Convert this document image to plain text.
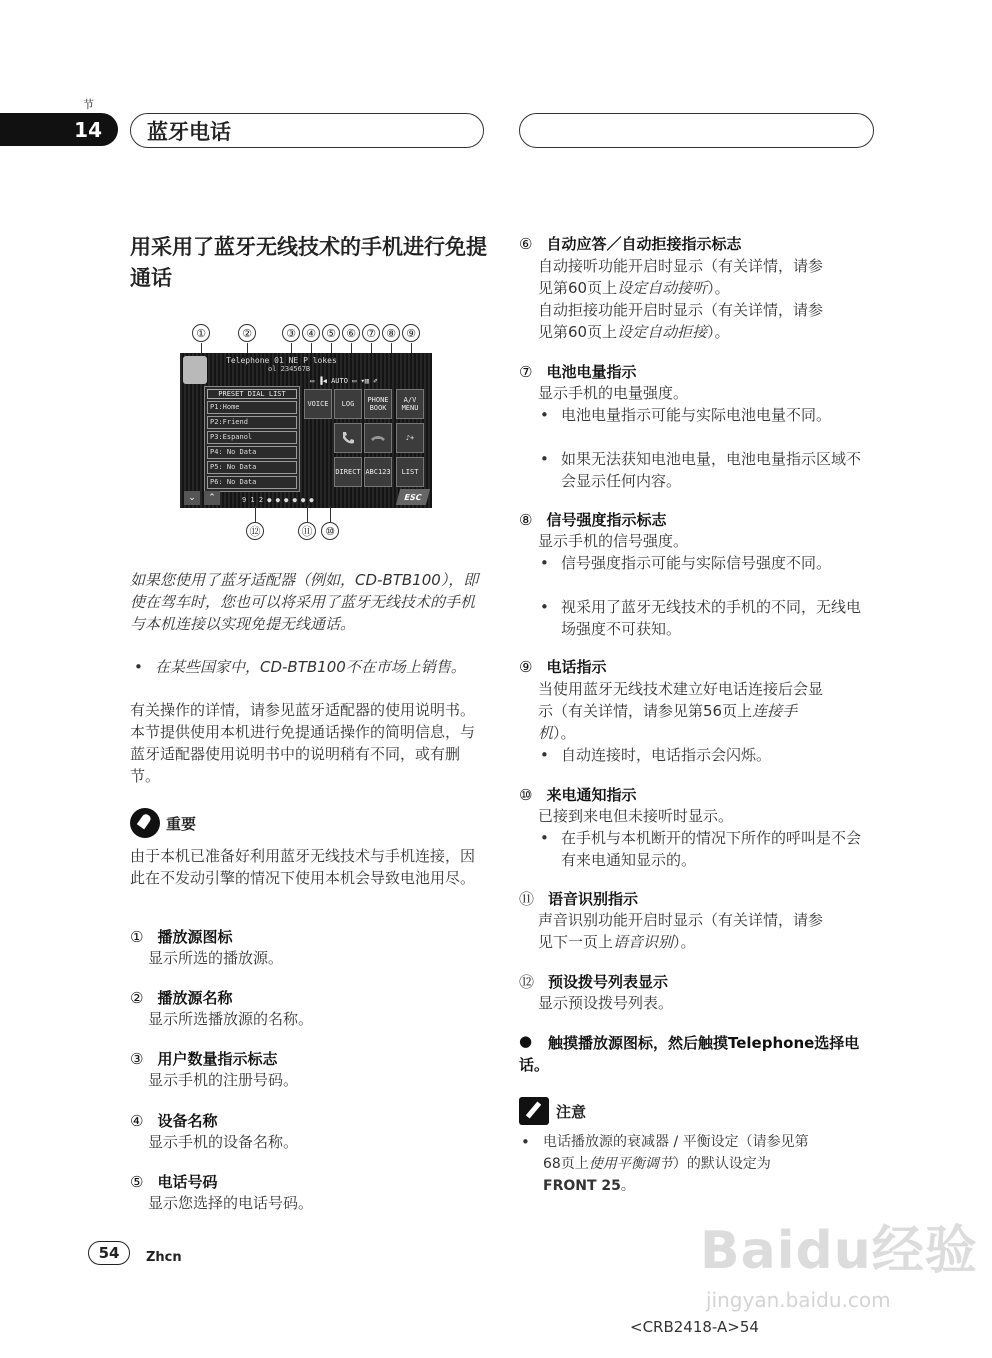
节
14	蓝牙电话
用采用了蓝牙无线技术的手机进行免提通话
①	②	③ ④ ⑤ ⑥ ⑦ ⑧ ⑨
Telephone 01 NE P lokes
ol 234567B
▭ ▐◀ AUTO ▭ ▾▥ ✐
PRESET DIAL LIST
P1:Home
P2:Friend
P3:Espanol
P4: No Data
P5: No Data
P6: No Data
VOICE	LOG	PHONE BOOK
A/V MENU
♪+
DIRECT ABC123	LIST
⌄ ⌃	9 1 2 ● ● ● ● ● ●	ESC
⑫	⑪	⑩
如果您使用了蓝牙适配器（例如，CD-BTB100），即使在驾车时，您也可以将采用了蓝牙无线技术的手机与本机连接以实现免提无线通话。
• 在某些国家中，CD-BTB100不在市场上销售。
有关操作的详情，请参见蓝牙适配器的使用说明书。本节提供使用本机进行免提通话操作的简明信息，与蓝牙适配器使用说明书中的说明稍有不同，或有删节。
重要
由于本机已准备好利用蓝牙无线技术与手机连接，因此在不发动引擎的情况下使用本机会导致电池用尽。
① 播放源图标
显示所选的播放源。
② 播放源名称
显示所选播放源的名称。
③ 用户数量指示标志
显示手机的注册号码。
④ 设备名称
显示手机的设备名称。
⑤ 电话号码
显示您选择的电话号码。
⑥ 自动应答／自动拒接指示标志
自动接听功能开启时显示（有关详情，请参
见第60页上设定自动接听）。
自动拒接功能开启时显示（有关详情，请参
见第60页上设定自动拒接）。
⑦ 电池电量指示
显示手机的电量强度。
• 电池电量指示可能与实际电池电量不同。
• 如果无法获知电池电量，电池电量指示区域不会显示任何内容。
⑧ 信号强度指示标志
显示手机的信号强度。
• 信号强度指示可能与实际信号强度不同。
• 视采用了蓝牙无线技术的手机的不同，无线电场强度不可获知。
⑨ 电话指示
当使用蓝牙无线技术建立好电话连接后会显
示（有关详情，请参见第56页上连接手
机）。
• 自动连接时，电话指示会闪烁。
⑩ 来电通知指示
已接到来电但未接听时显示。
• 在手机与本机断开的情况下所作的呼叫是不会有来电通知显示的。
⑪ 语音识别指示
声音识别功能开启时显示（有关详情，请参
见下一页上语音识别）。
⑫ 预设拨号列表显示
显示预设拨号列表。
●	触摸播放源图标，然后触摸Telephone选择电话。
注意
• 电话播放源的衰减器 / 平衡设定（请参见第
68页上使用平衡调节）的默认设定为
FRONT 25。
54	Zhcn	Baidu经验
jingyan.baidu.com
<CRB2418-A>54
